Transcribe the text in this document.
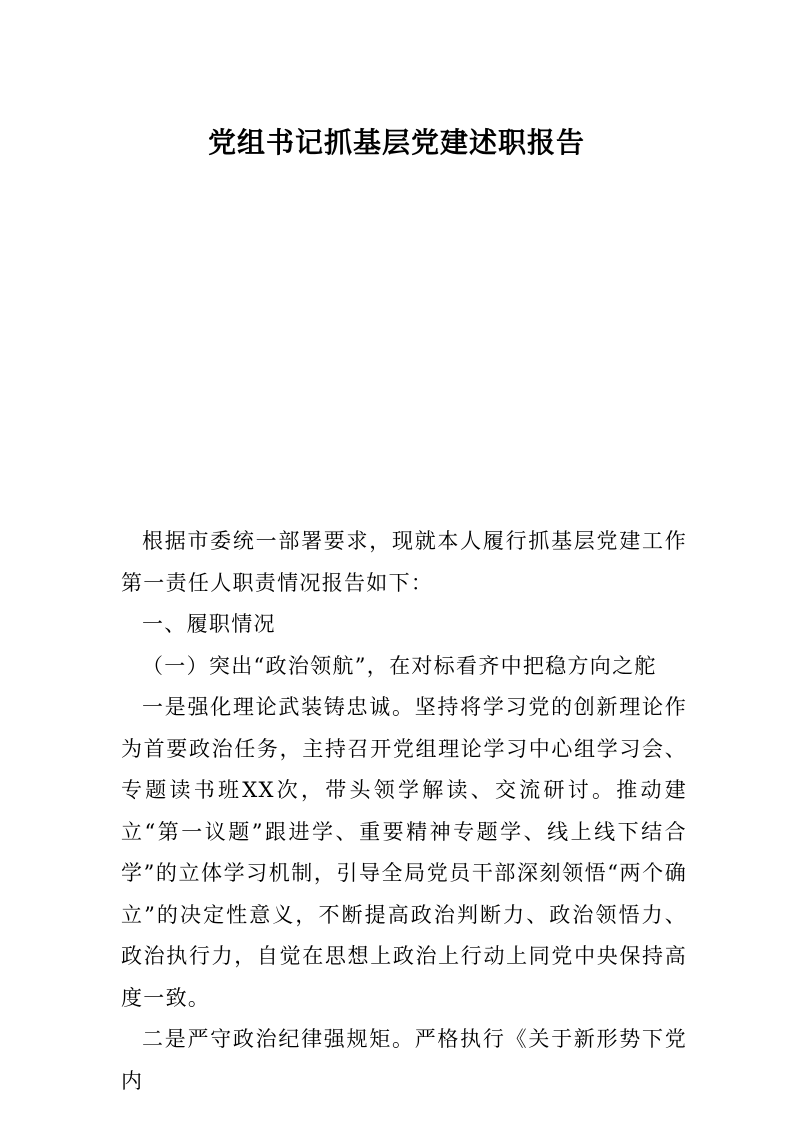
党组书记抓基层党建述职报告

根据市委统一部署要求，现就本人履行抓基层党建工作第一责任人职责情况报告如下：

一、履职情况

（一）突出“政治领航”，在对标看齐中把稳方向之舵

一是强化理论武装铸忠诚。坚持将学习党的创新理论作为首要政治任务，主持召开党组理论学习中心组学习会、专题读书班XX次，带头领学解读、交流研讨。推动建立“第一议题”跟进学、重要精神专题学、线上线下结合学”的立体学习机制，引导全局党员干部深刻领悟“两个确立”的决定性意义，不断提高政治判断力、政治领悟力、政治执行力，自觉在思想上政治上行动上同党中央保持高度一致。

二是严守政治纪律强规矩。严格执行《关于新形势下党内
